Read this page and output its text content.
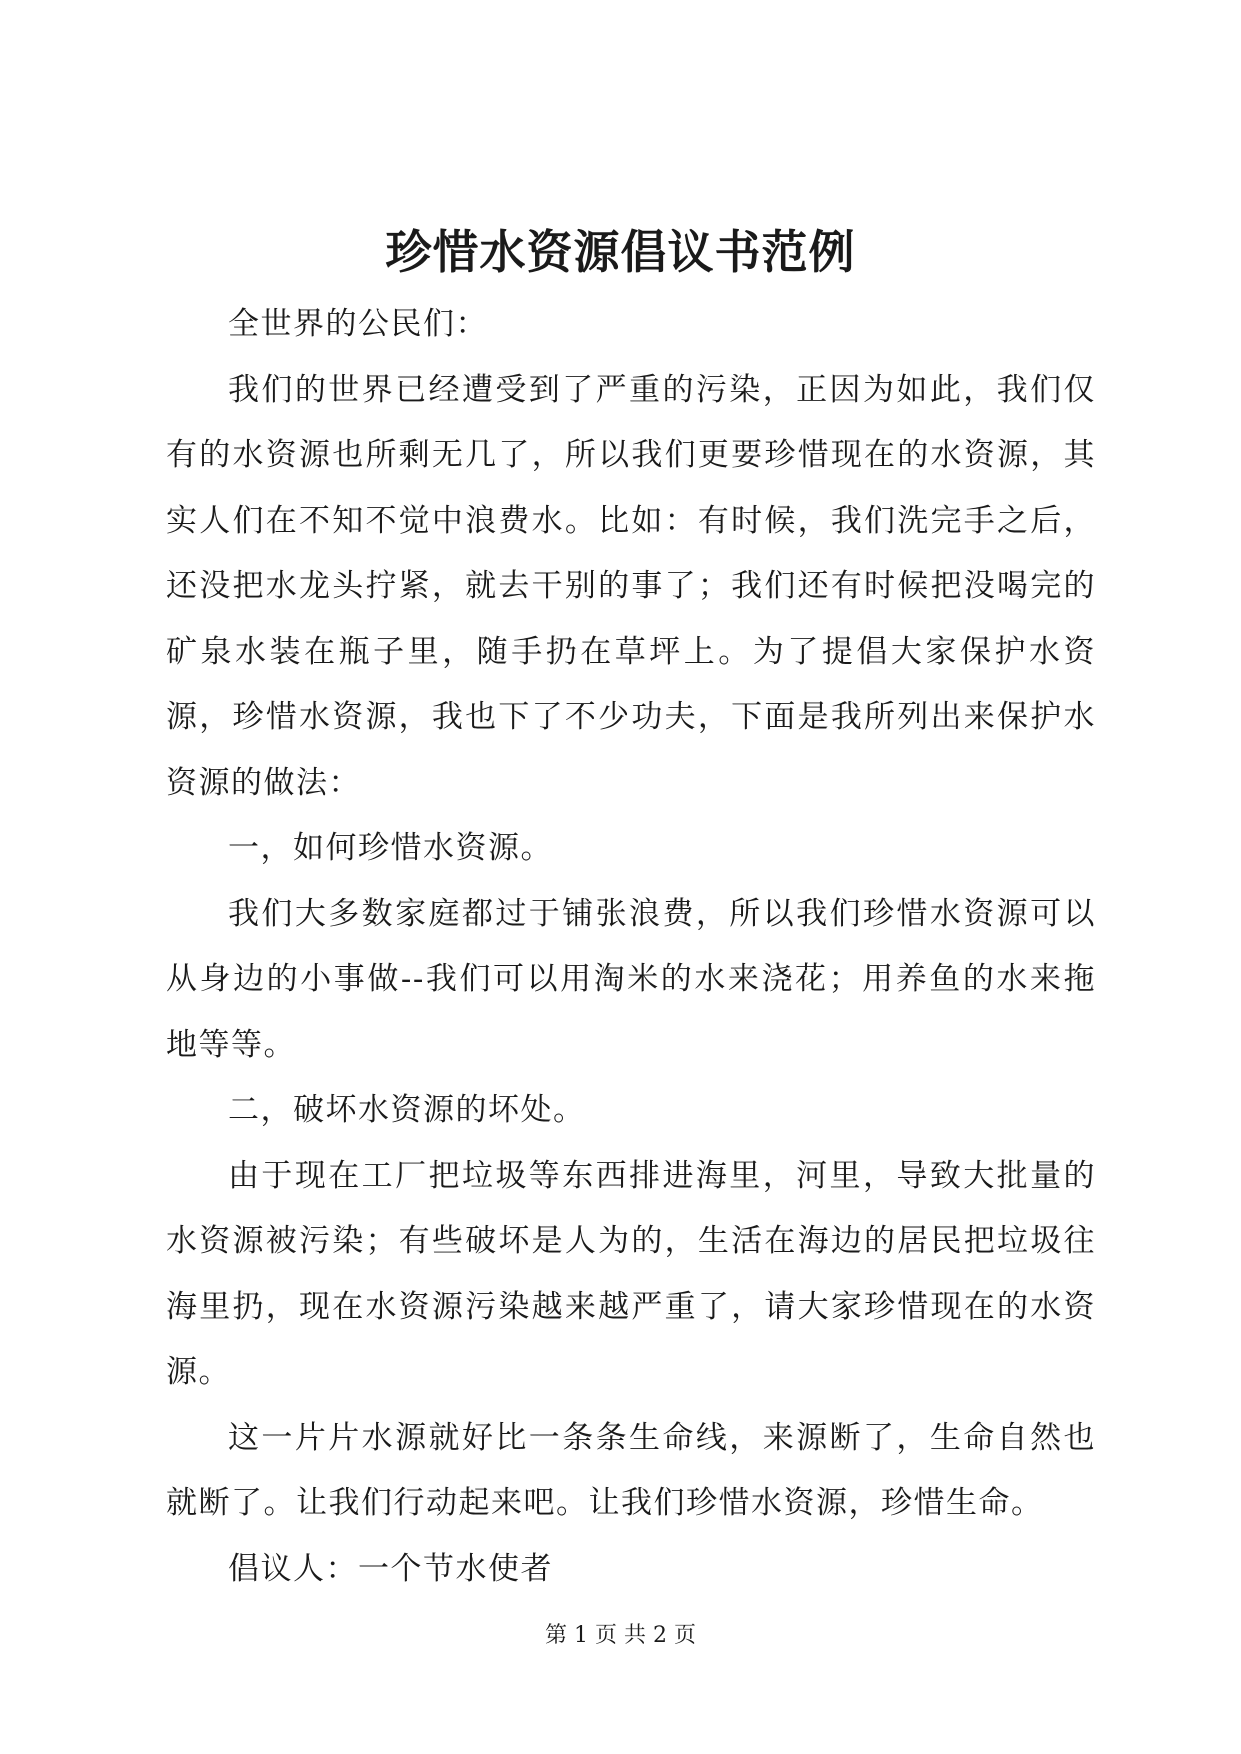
珍惜水资源倡议书范例

全世界的公民们：

我们的世界已经遭受到了严重的污染，正因为如此，我们仅有的水资源也所剩无几了，所以我们更要珍惜现在的水资源，其实人们在不知不觉中浪费水。比如：有时候，我们洗完手之后，还没把水龙头拧紧，就去干别的事了；我们还有时候把没喝完的矿泉水装在瓶子里，随手扔在草坪上。为了提倡大家保护水资源，珍惜水资源，我也下了不少功夫，下面是我所列出来保护水资源的做法：

一，如何珍惜水资源。

我们大多数家庭都过于铺张浪费，所以我们珍惜水资源可以从身边的小事做--我们可以用淘米的水来浇花；用养鱼的水来拖地等等。

二，破坏水资源的坏处。

由于现在工厂把垃圾等东西排进海里，河里，导致大批量的水资源被污染；有些破坏是人为的，生活在海边的居民把垃圾往海里扔，现在水资源污染越来越严重了，请大家珍惜现在的水资源。

这一片片水源就好比一条条生命线，来源断了，生命自然也就断了。让我们行动起来吧。让我们珍惜水资源，珍惜生命。

倡议人：一个节水使者

第 1 页 共 2 页
